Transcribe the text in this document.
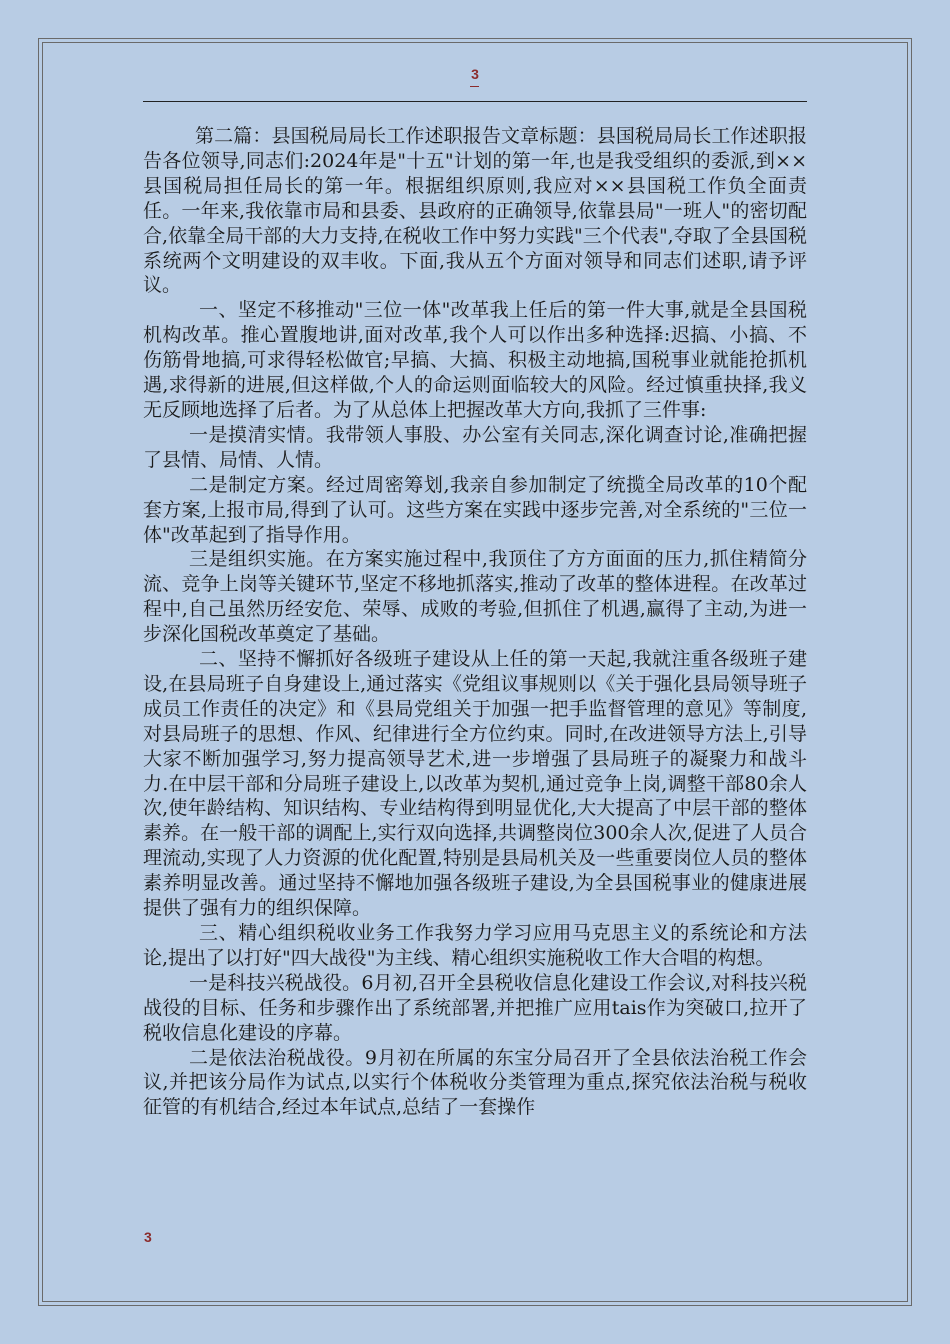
3

第二篇：县国税局局长工作述职报告文章标题：县国税局局长工作述职报告各位领导,同志们:2024年是"十五"计划的第一年,也是我受组织的委派,到××县国税局担任局长的第一年。根据组织原则,我应对××县国税工作负全面责任。一年来,我依靠市局和县委、县政府的正确领导,依靠县局"一班人"的密切配合,依靠全局干部的大力支持,在税收工作中努力实践"三个代表",夺取了全县国税系统两个文明建设的双丰收。下面,我从五个方面对领导和同志们述职,请予评议。

一、坚定不移推动"三位一体"改革我上任后的第一件大事,就是全县国税机构改革。推心置腹地讲,面对改革,我个人可以作出多种选择:迟搞、小搞、不伤筋骨地搞,可求得轻松做官;早搞、大搞、积极主动地搞,国税事业就能抢抓机遇,求得新的进展,但这样做,个人的命运则面临较大的风险。经过慎重抉择,我义无反顾地选择了后者。为了从总体上把握改革大方向,我抓了三件事:

一是摸清实情。我带领人事股、办公室有关同志,深化调查讨论,准确把握了县情、局情、人情。

二是制定方案。经过周密筹划,我亲自参加制定了统揽全局改革的10个配套方案,上报市局,得到了认可。这些方案在实践中逐步完善,对全系统的"三位一体"改革起到了指导作用。

三是组织实施。在方案实施过程中,我顶住了方方面面的压力,抓住精简分流、竞争上岗等关键环节,坚定不移地抓落实,推动了改革的整体进程。在改革过程中,自己虽然历经安危、荣辱、成败的考验,但抓住了机遇,赢得了主动,为进一步深化国税改革奠定了基础。

二、坚持不懈抓好各级班子建设从上任的第一天起,我就注重各级班子建设,在县局班子自身建设上,通过落实《党组议事规则以《关于强化县局领导班子成员工作责任的决定》和《县局党组关于加强一把手监督管理的意见》等制度,对县局班子的思想、作风、纪律进行全方位约束。同时,在改进领导方法上,引导大家不断加强学习,努力提高领导艺术,进一步增强了县局班子的凝聚力和战斗力.在中层干部和分局班子建设上,以改革为契机,通过竞争上岗,调整干部80余人次,使年龄结构、知识结构、专业结构得到明显优化,大大提高了中层干部的整体素养。在一般干部的调配上,实行双向选择,共调整岗位300余人次,促进了人员合理流动,实现了人力资源的优化配置,特别是县局机关及一些重要岗位人员的整体素养明显改善。通过坚持不懈地加强各级班子建设,为全县国税事业的健康进展提供了强有力的组织保障。

三、精心组织税收业务工作我努力学习应用马克思主义的系统论和方法论,提出了以打好"四大战役"为主线、精心组织实施税收工作大合唱的构想。

一是科技兴税战役。6月初,召开全县税收信息化建设工作会议,对科技兴税战役的目标、任务和步骤作出了系统部署,并把推广应用tais作为突破口,拉开了税收信息化建设的序幕。

二是依法治税战役。9月初在所属的东宝分局召开了全县依法治税工作会议,并把该分局作为试点,以实行个体税收分类管理为重点,探究依法治税与税收征管的有机结合,经过本年试点,总结了一套操作

3
